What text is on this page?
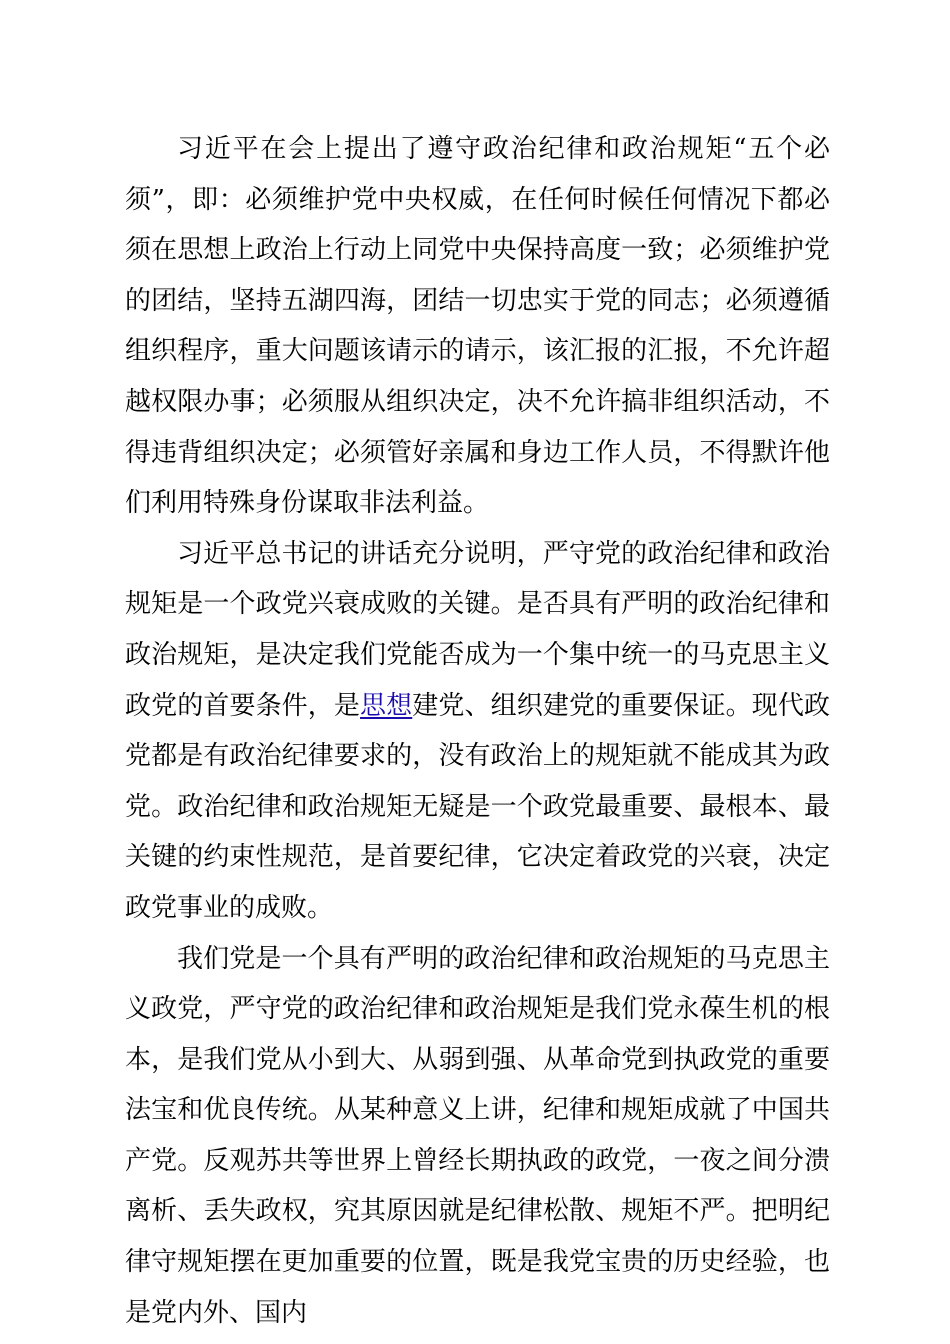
习近平在会上提出了遵守政治纪律和政治规矩“五个必须”，即：必须维护党中央权威，在任何时候任何情况下都必须在思想上政治上行动上同党中央保持高度一致；必须维护党的团结，坚持五湖四海，团结一切忠实于党的同志；必须遵循组织程序，重大问题该请示的请示，该汇报的汇报，不允许超越权限办事；必须服从组织决定，决不允许搞非组织活动，不得违背组织决定；必须管好亲属和身边工作人员，不得默许他们利用特殊身份谋取非法利益。

习近平总书记的讲话充分说明，严守党的政治纪律和政治规矩是一个政党兴衰成败的关键。是否具有严明的政治纪律和政治规矩，是决定我们党能否成为一个集中统一的马克思主义政党的首要条件，是思想建党、组织建党的重要保证。现代政党都是有政治纪律要求的，没有政治上的规矩就不能成其为政党。政治纪律和政治规矩无疑是一个政党最重要、最根本、最关键的约束性规范，是首要纪律，它决定着政党的兴衰，决定政党事业的成败。

我们党是一个具有严明的政治纪律和政治规矩的马克思主义政党，严守党的政治纪律和政治规矩是我们党永葆生机的根本，是我们党从小到大、从弱到强、从革命党到执政党的重要法宝和优良传统。从某种意义上讲，纪律和规矩成就了中国共产党。反观苏共等世界上曾经长期执政的政党，一夜之间分溃离析、丢失政权，究其原因就是纪律松散、规矩不严。把明纪律守规矩摆在更加重要的位置，既是我党宝贵的历史经验，也是党内外、国内
